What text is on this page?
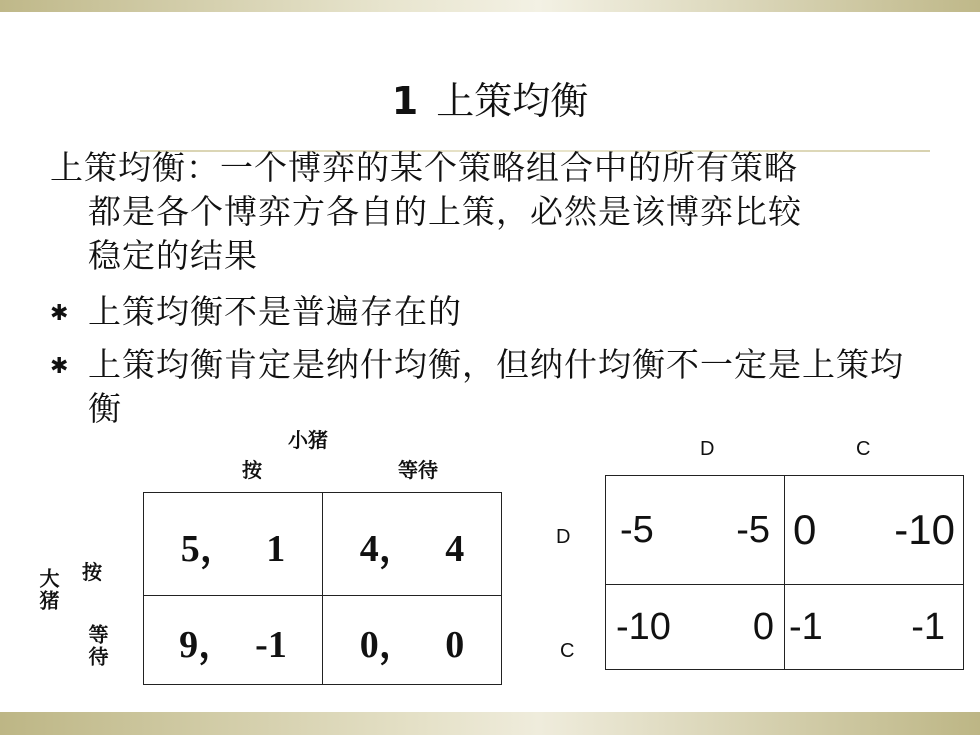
1 上策均衡
上策均衡：一个博弈的某个策略组合中的所有策略
都是各个博弈方各自的上策，必然是该博弈比较
稳定的结果
✱ 上策均衡不是普遍存在的
✱ 上策均衡肯定是纳什均衡，但纳什均衡不一定是上策均衡
小猪
按	等待
大猪 按
等待
5， 1	4， 4
9， -1	0， 0
D	C
D
C
-5 -5	0 -10

-10 0	-1 -1
